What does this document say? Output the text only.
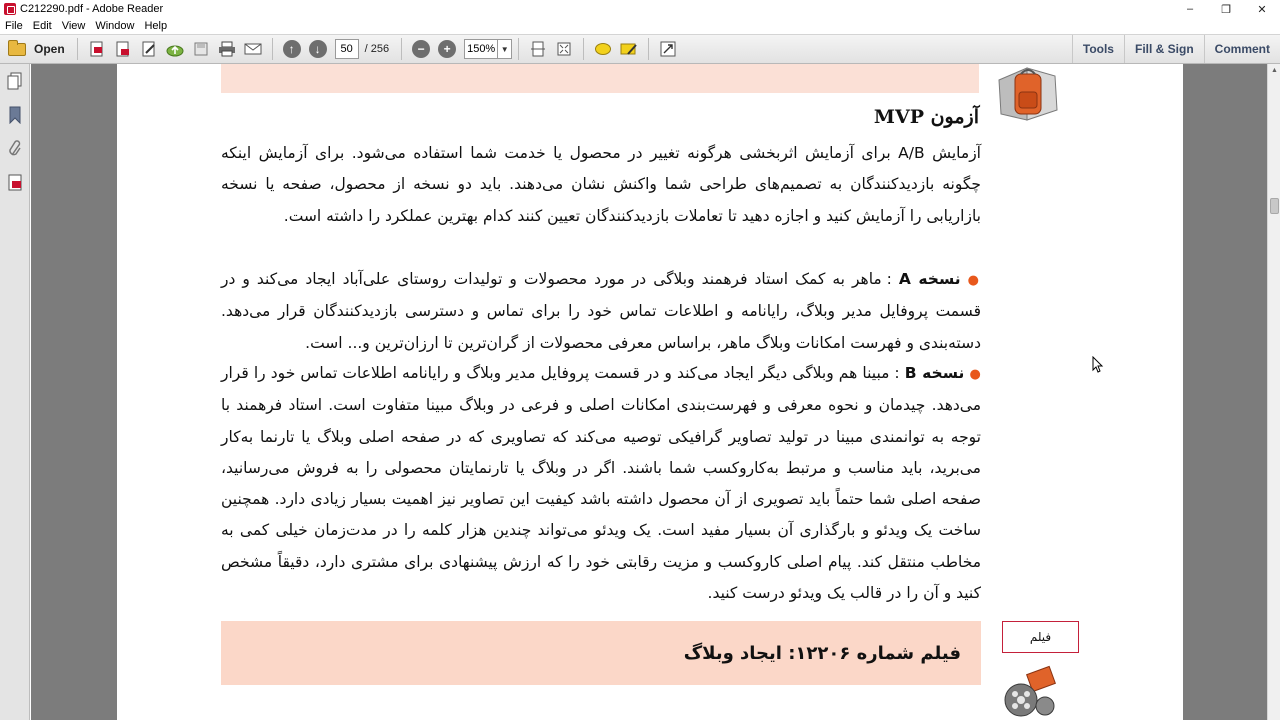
C212290.pdf - Adobe Reader	–	❐	✕
File Edit View Window Help
Open	↑	↓	50	/ 256	−	+	150% ▼	Tools	Fill & Sign	Comment
آزمون MVP

آزمایش A/B برای آزمایش اثربخشی هرگونه تغییر در محصول یا خدمت شما استفاده می‌شود. برای آزمایش اینکه چگونه بازدیدکنندگان به تصمیم‌های طراحی شما واکنش نشان می‌دهند. باید دو نسخه از محصول، صفحه یا نسخه بازاریابی را آزمایش کنید و اجازه دهید تا تعاملات بازدیدکنندگان تعیین کنند کدام بهترین عملکرد را داشته است.

● نسخه A : ماهر به کمک استاد فرهمند وبلاگی در مورد محصولات و تولیدات روستای علی‌آباد ایجاد می‌کند و در قسمت پروفایل مدیر وبلاگ، رایانامه و اطلاعات تماس خود را برای تماس و دسترسی بازدیدکنندگان قرار می‌دهد. دسته‌بندی و فهرست امکانات وبلاگ ماهر، براساس معرفی محصولات از گران‌ترین تا ارزان‌ترین و... است.

● نسخه B : مبینا هم وبلاگی دیگر ایجاد می‌کند و در قسمت پروفایل مدیر وبلاگ و رایانامه اطلاعات تماس خود را قرار می‌دهد. چیدمان و نحوه معرفی و فهرست‌بندی امکانات اصلی و فرعی در وبلاگ مبینا متفاوت است. استاد فرهمند با توجه به توانمندی مبینا در تولید تصاویر گرافیکی توصیه می‌کند که تصاویری که در صفحه اصلی وبلاگ یا تارنما به‌کار می‌برید، باید مناسب و مرتبط به‌کاروکسب شما باشند. اگر در وبلاگ یا تارنمایتان محصولی را به فروش می‌رسانید، صفحه اصلی شما حتماً باید تصویری از آن محصول داشته باشد کیفیت این تصاویر نیز اهمیت بسیار زیادی دارد. همچنین ساخت یک ویدئو و بارگذاری آن بسیار مفید است. یک ویدئو می‌تواند چندین هزار کلمه را در مدت‌زمان خیلی کمی به مخاطب منتقل کند. پیام اصلی کاروکسب و مزیت رقابتی خود را که ارزش پیشنهادی برای مشتری دارد، دقیقاً مشخص کنید و آن را در قالب یک ویدئو درست کنید.

فیلم شماره ۱۲۲۰۶: ایجاد وبلاگ
فیلم
▲
